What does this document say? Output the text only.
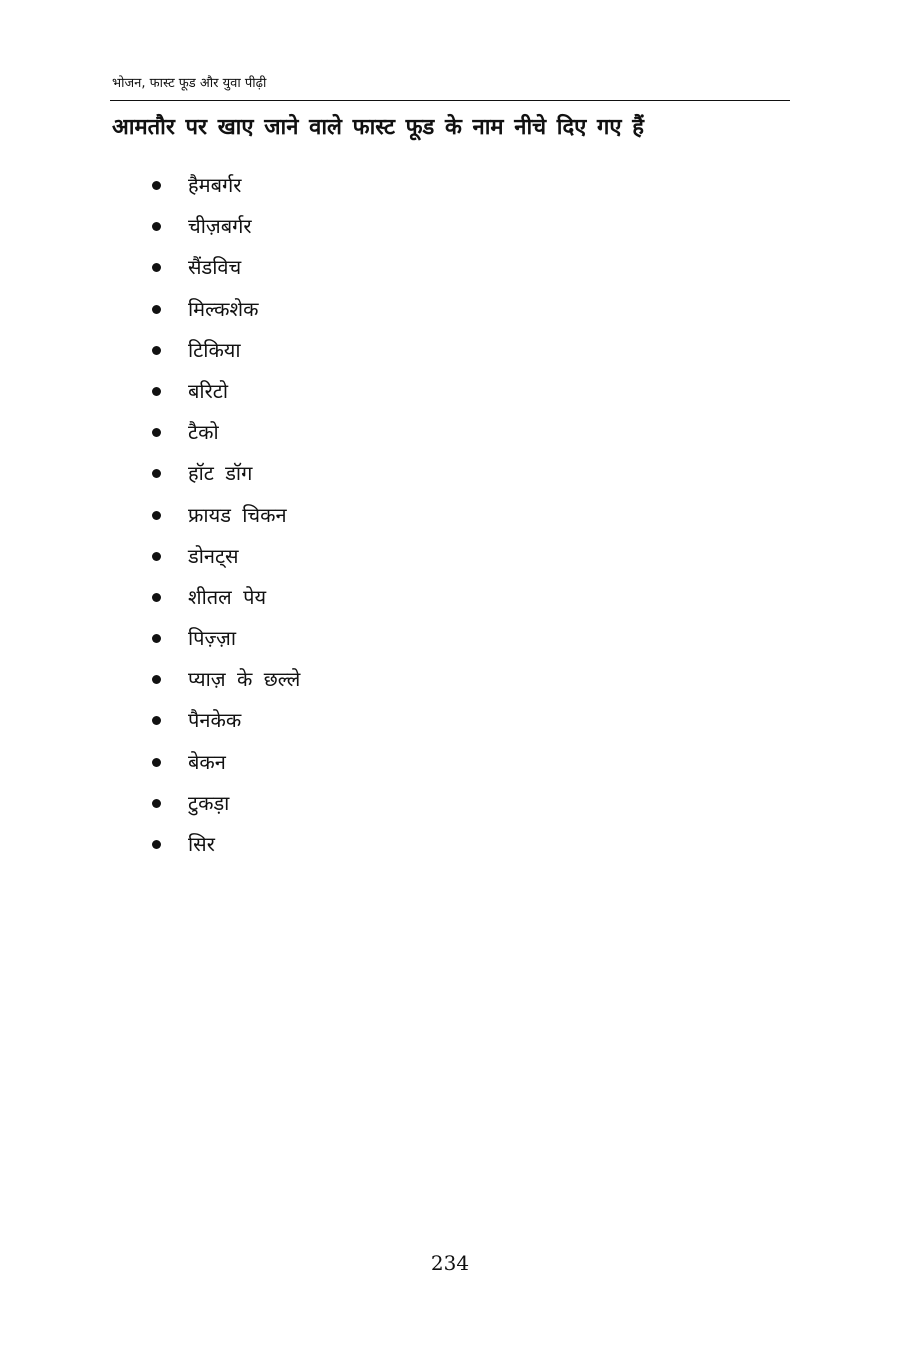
भोजन, फास्ट फूड और युवा पीढ़ी
आमतौर पर खाए जाने वाले फास्ट फूड के नाम नीचे दिए गए हैं
हैमबर्गर
चीज़बर्गर
सैंडविच
मिल्कशेक
टिकिया
बरिटो
टैको
हॉट डॉग
फ्रायड चिकन
डोनट्स
शीतल पेय
पिज़्ज़ा
प्याज़ के छल्ले
पैनकेक
बेकन
टुकड़ा
सिर
234
